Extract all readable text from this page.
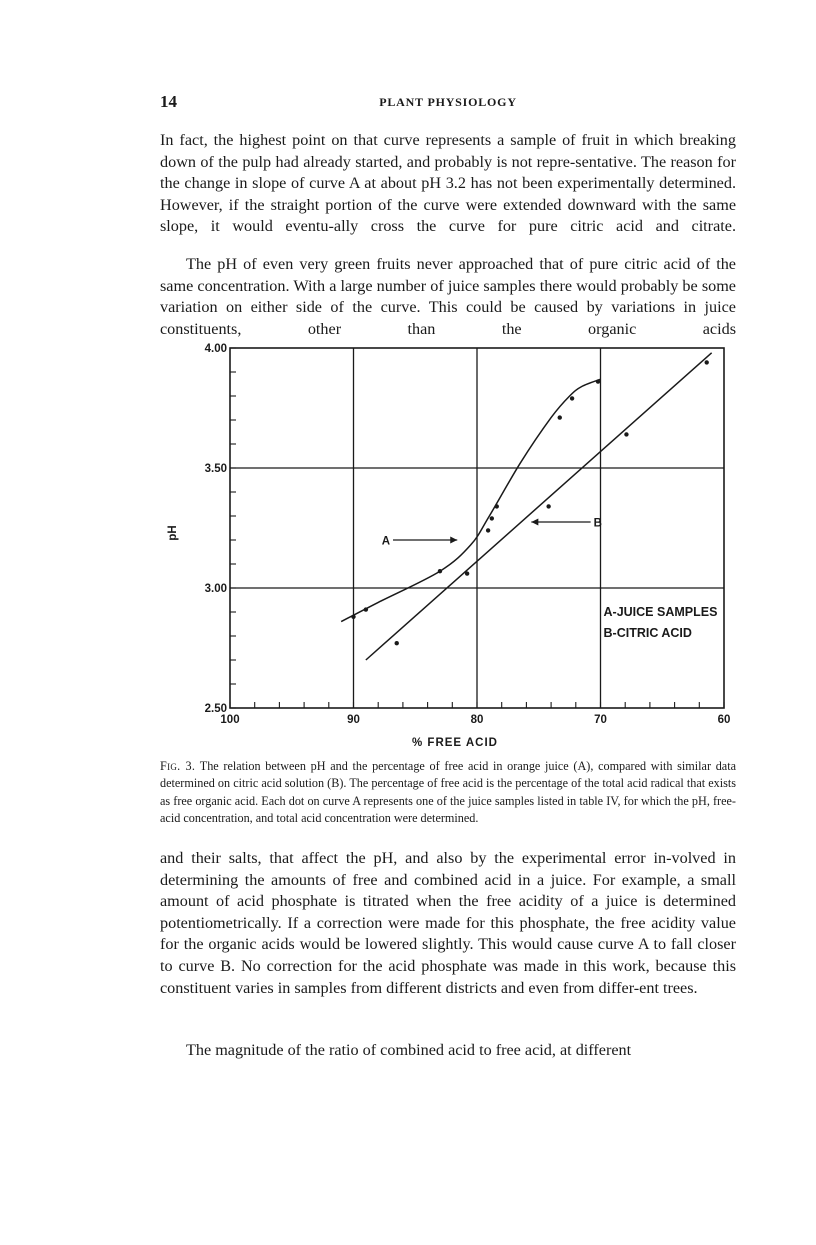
14	PLANT PHYSIOLOGY

In fact, the highest point on that curve represents a sample of fruit in which breaking down of the pulp had already started, and probably is not repre-sentative. The reason for the change in slope of curve A at about pH 3.2 has not been experimentally determined. However, if the straight portion of the curve were extended downward with the same slope, it would eventu-ally cross the curve for pure citric acid and citrate.

The pH of even very green fruits never approached that of pure citric acid of the same concentration. With a large number of juice samples there would probably be some variation on either side of the curve. This could be caused by variations in juice constituents, other than the organic acids

100	90	80	70	60
2.50
3.00
3.50
4.00
% FREE ACID
pH
A
B
A-JUICE SAMPLES
B-CITRIC ACID

Fig. 3. The relation between pH and the percentage of free acid in orange juice (A), compared with similar data determined on citric acid solution (B). The percentage of free acid is the percentage of the total acid radical that exists as free organic acid. Each dot on curve A represents one of the juice samples listed in table IV, for which the pH, free-acid concentration, and total acid concentration were determined.

and their salts, that affect the pH, and also by the experimental error in-volved in determining the amounts of free and combined acid in a juice. For example, a small amount of acid phosphate is titrated when the free acidity of a juice is determined potentiometrically. If a correction were made for this phosphate, the free acidity value for the organic acids would be lowered slightly. This would cause curve A to fall closer to curve B. No correction for the acid phosphate was made in this work, because this constituent varies in samples from different districts and even from differ-ent trees.

The magnitude of the ratio of combined acid to free acid, at different
